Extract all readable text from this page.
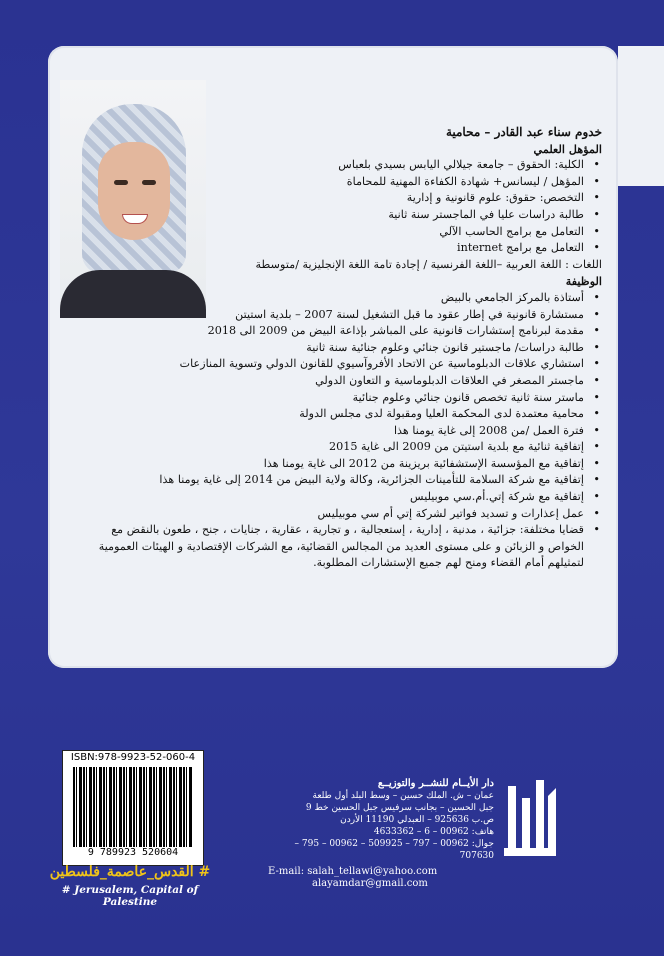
خدوم سناء عبد القادر – محامية
المؤهل العلمي
• الكلية: الحقوق – جامعة جيلالي اليابس بسيدي بلعباس
• المؤهل / ليسانس+ شهادة الكفاءة المهنية للمحاماة
• التخصص: حقوق: علوم قانونية و إدارية
• طالبة دراسات عليا في الماجستر سنة ثانية
• التعامل مع برامج الحاسب الآلي
• التعامل مع برامج internet
اللغات : اللغة العربية –اللغة الفرنسية / إجادة تامة اللغة الإنجليزية /متوسطة
الوظيفة
• أستاذة بالمركز الجامعي بالبيض
• مستشارة قانونية في إطار عقود ما قبل التشغيل لسنة 2007 – بلدية استيتن
• مقدمة لبرنامج إستشارات قانونية على المباشر بإذاعة البيض من 2009 الى 2018
• طالبة دراسات/ ماجستير قانون جنائي وعلوم جنائية سنة ثانية
• استشاري علاقات الدبلوماسية عن الاتحاد الأفروآسيوي للقانون الدولي وتسوية المنازعات
• ماجستر المصغر في العلاقات الدبلوماسية و التعاون الدولي
• ماستر سنة ثانية تخصص قانون جنائي وعلوم جنائية
• محامية معتمدة لدى المحكمة العليا ومقبولة لدى مجلس الدولة
• فترة العمل /من 2008 إلى غاية يومنا هذا
• إتفاقية ثنائية مع بلدية استيتن من 2009 الى غاية 2015
• إتفاقية مع المؤسسة الإستشفائية بريزينة من 2012 الى غاية يومنا هذا
• إتفاقية مع شركة السلامة للتأمينات الجزائرية، وكالة ولاية البيض من 2014 إلى غاية يومنا هذا
• إتفاقية مع شركة إتي.أم.سي موبيليس
• عمل إعذارات و تسديد فواتير لشركة إتي أم سي موبيليس
• قضايا مختلفة: جزائية ، مدنية ، إدارية ، إستعجالية ، و تجارية ، عقارية ، جنايات ، جنح ، طعون بالنقض مع الخواص و الزبائن و على مستوى العديد من المجالس القضائية، مع الشركات الإقتصادية و الهيئات العمومية لتمثيلهم أمام القضاء ومنح لهم جميع الإستشارات المطلوبة.
ISBN:978-9923-52-060-4
9 789923 520604
# القدس_عاصمة_فلسطين
# Jerusalem, Capital of Palestine
دار الأيــام للنشــر والتوزيــع
عمان – ش. الملك حسين – وسط البلد أول طلعة
جبل الحسين – بجانب سرفيس جبل الحسين خط 9
ص.ب 925636 – العبدلي 11190 الأردن
هاتف: 00962 – 6 – 4633362
جوال: 00962 – 797 – 509925 – 00962 – 795 – 707630
E-mail: salah_tellawi@yahoo.com
alayamdar@gmail.com
